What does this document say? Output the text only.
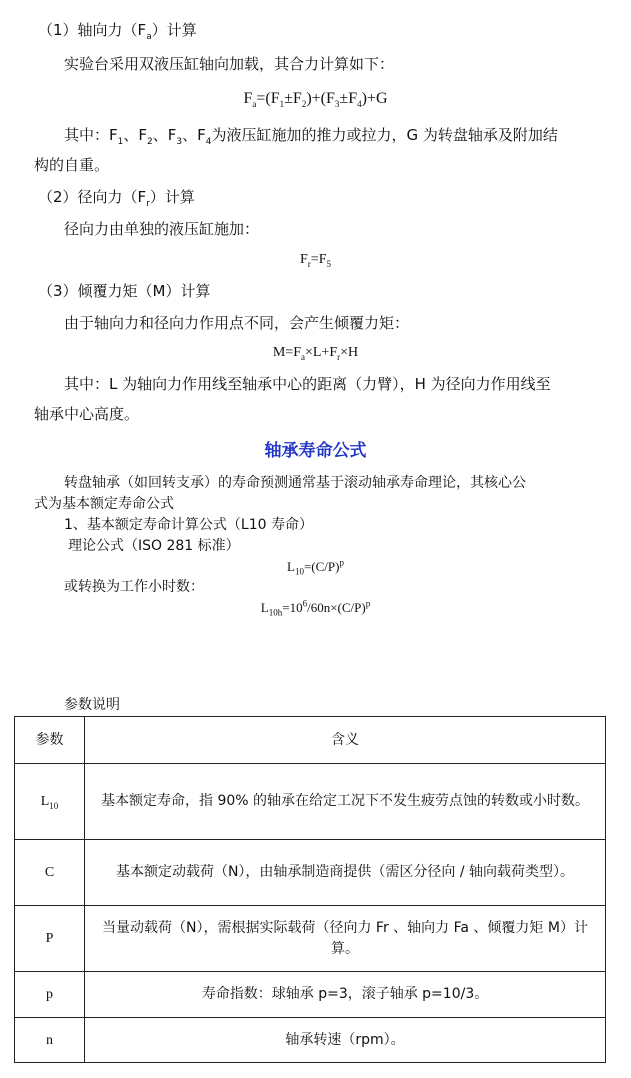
（1）轴向力$(F_a)$计算
实验台采用双液压缸轴向加载，其合力计算如下：
$F_a=(F_1\pm F_2)+(F_3\pm F_4)+G$
其中：$F_1$、$F_2$、$F_3$、$F_4$为液压缸施加的推力或拉力，G 为转盘轴承及附加结
构的自重。
（2）径向力$(F_r)$计算
径向力由单独的液压缸施加：
$F_r=F_5$
（3）倾覆力矩（M）计算
由于轴向力和径向力作用点不同，会产生倾覆力矩：
$M=F_a\times L+F_r\times H$
其中：L 为轴向力作用线至轴承中心的距离（力臂），H 为径向力作用线至
轴承中心高度。
轴承寿命公式
转盘轴承（如回转支承）的寿命预测通常基于滚动轴承寿命理论，其核心公
式为基本额定寿命公式
1、基本额定寿命计算公式（L10 寿命）
理论公式（ISO 281 标准）
$L_{10}=(C/P)^p$
或转换为工作小时数：
$L_{10h}=10^6/60n\times(C/P)^p$
参数说明
参数	含义
$L_{10}$	基本额定寿命，指 90% 的轴承在给定工况下不发生疲劳点蚀的转数或小时数。
C	基本额定动载荷（N），由轴承制造商提供（需区分径向 / 轴向载荷类型）。
P	当量动载荷（N），需根据实际载荷（径向力 Fr 、轴向力 Fa 、倾覆力矩 M）计算。
p	寿命指数：球轴承 p=3，滚子轴承 p=10/3。
n	轴承转速（rpm）。
